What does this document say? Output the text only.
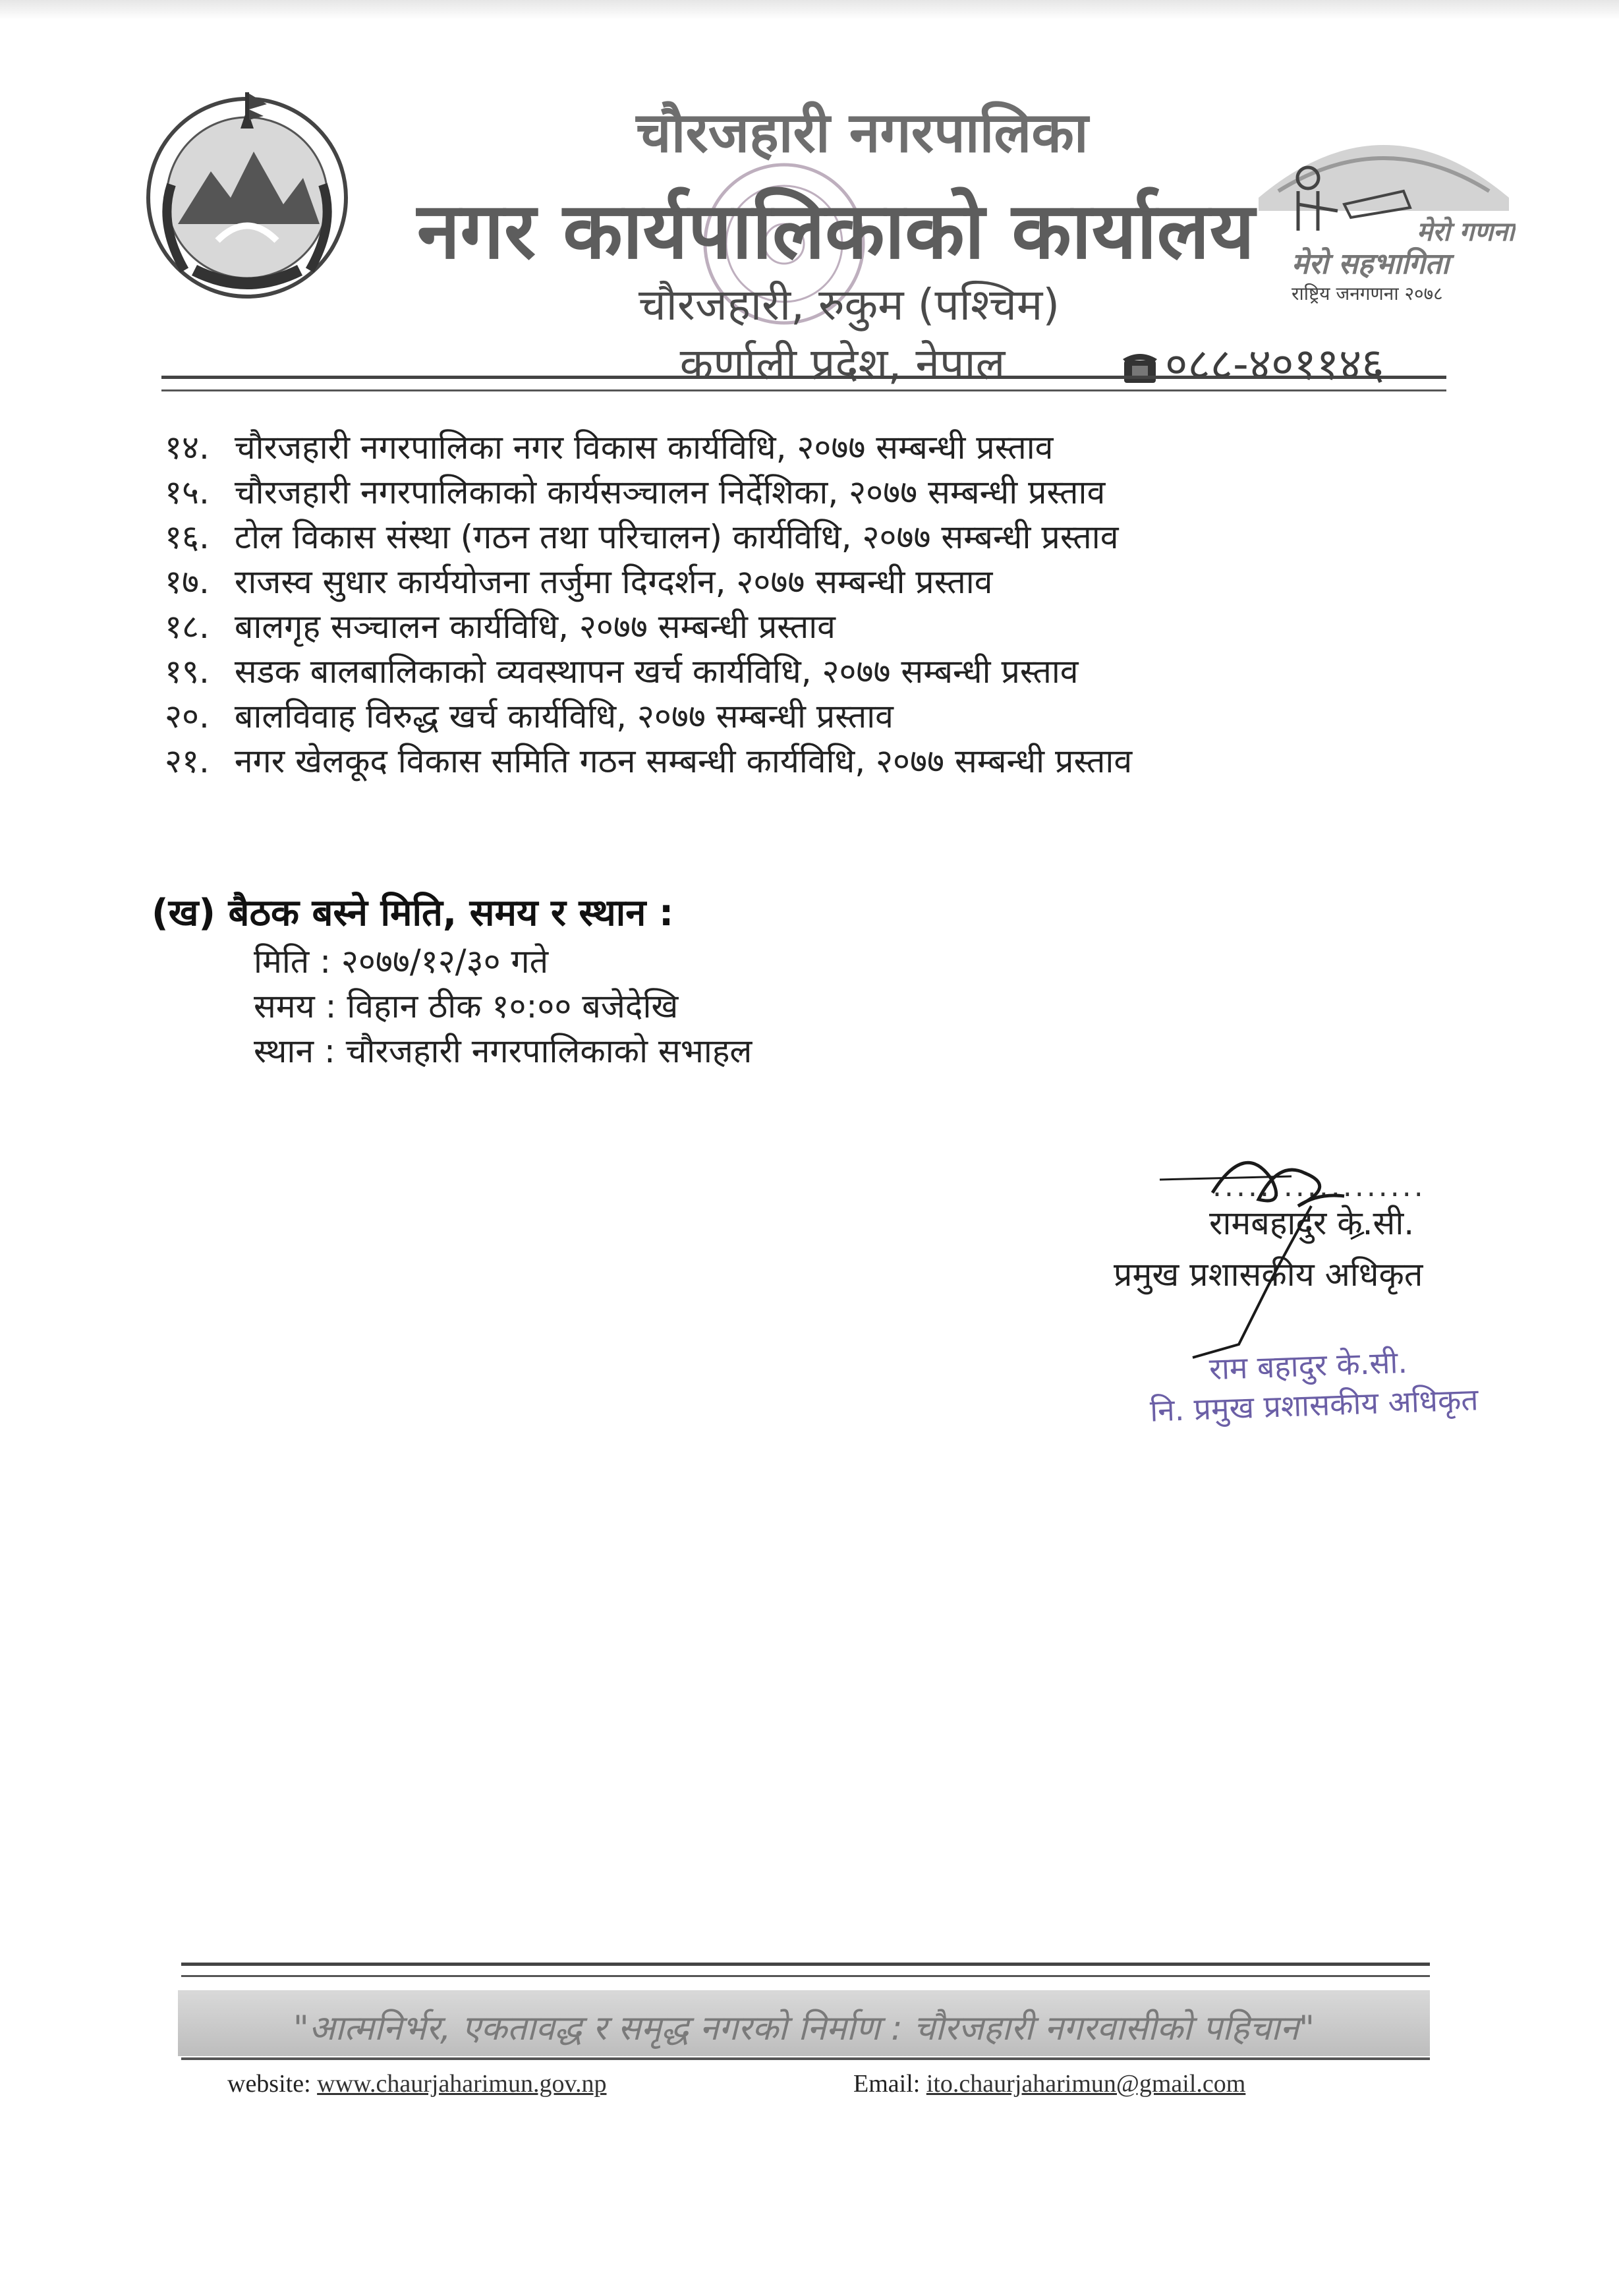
चौरजहारी नगरपालिका
नगर कार्यपालिकाको कार्यालय
चौरजहारी, रुकुम (पश्चिम)
कर्णाली प्रदेश, नेपाल	०८८-४०११४६
मेरो गणना
मेरो सहभागिता
राष्ट्रिय जनगणना २०७८
१४. चौरजहारी नगरपालिका नगर विकास कार्यविधि, २०७७ सम्बन्धी प्रस्ताव
१५. चौरजहारी नगरपालिकाको कार्यसञ्चालन निर्देशिका, २०७७ सम्बन्धी प्रस्ताव
१६. टोल विकास संस्था (गठन तथा परिचालन) कार्यविधि, २०७७ सम्बन्धी प्रस्ताव
१७. राजस्व सुधार कार्ययोजना तर्जुमा दिग्दर्शन, २०७७ सम्बन्धी प्रस्ताव
१८. बालगृह सञ्चालन कार्यविधि, २०७७ सम्बन्धी प्रस्ताव
१९. सडक बालबालिकाको व्यवस्थापन खर्च कार्यविधि, २०७७ सम्बन्धी प्रस्ताव
२०. बालविवाह विरुद्ध खर्च कार्यविधि, २०७७ सम्बन्धी प्रस्ताव
२१. नगर खेलकूद विकास समिति गठन सम्बन्धी कार्यविधि, २०७७ सम्बन्धी प्रस्ताव
(ख) बैठक बस्ने मिति, समय र स्थान :
मिति : २०७७/१२/३० गते
समय : विहान ठीक १०:०० बजेदेखि
स्थान : चौरजहारी नगरपालिकाको सभाहल
..................
रामबहादुर के.सी.
प्रमुख प्रशासकीय अधिकृत
राम बहादुर के.सी.
नि. प्रमुख प्रशासकीय अधिकृत
"आत्मनिर्भर, एकतावद्ध र समृद्ध नगरको निर्माण : चौरजहारी नगरवासीको पहिचान"
website: www.chaurjaharimun.gov.np	Email: ito.chaurjaharimun@gmail.com
